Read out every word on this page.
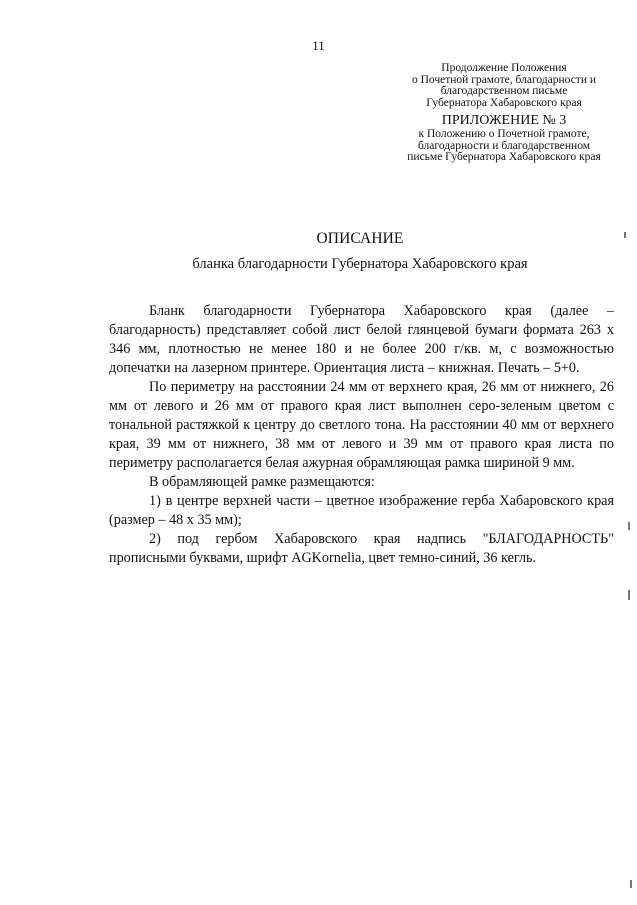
11
Продолжение Положения
о Почетной грамоте, благодарности и
благодарственном письме
Губернатора Хабаровского края
ПРИЛОЖЕНИЕ № 3
к Положению о Почетной грамоте,
благодарности и благодарственном
письме Губернатора Хабаровского края
ОПИСАНИЕ
бланка благодарности Губернатора Хабаровского края

Бланк благодарности Губернатора Хабаровского края (далее – благодарность) представляет собой лист белой глянцевой бумаги формата 263 х 346 мм, плотностью не менее 180 и не более 200 г/кв. м, с возможностью допечатки на лазерном принтере. Ориентация листа – книжная. Печать – 5+0.

По периметру на расстоянии 24 мм от верхнего края, 26 мм от нижнего, 26 мм от левого и 26 мм от правого края лист выполнен серо-зеленым цветом с тональной растяжкой к центру до светлого тона. На расстоянии 40 мм от верхнего края, 39 мм от нижнего, 38 мм от левого и 39 мм от правого края листа по периметру располагается белая ажурная обрамляющая рамка шириной 9 мм.

В обрамляющей рамке размещаются:

1) в центре верхней части – цветное изображение герба Хабаровского края (размер – 48 х 35 мм);

2) под гербом Хабаровского края надпись "БЛАГОДАРНОСТЬ" прописными буквами, шрифт AGKornelia, цвет темно-синий, 36 кегль.
